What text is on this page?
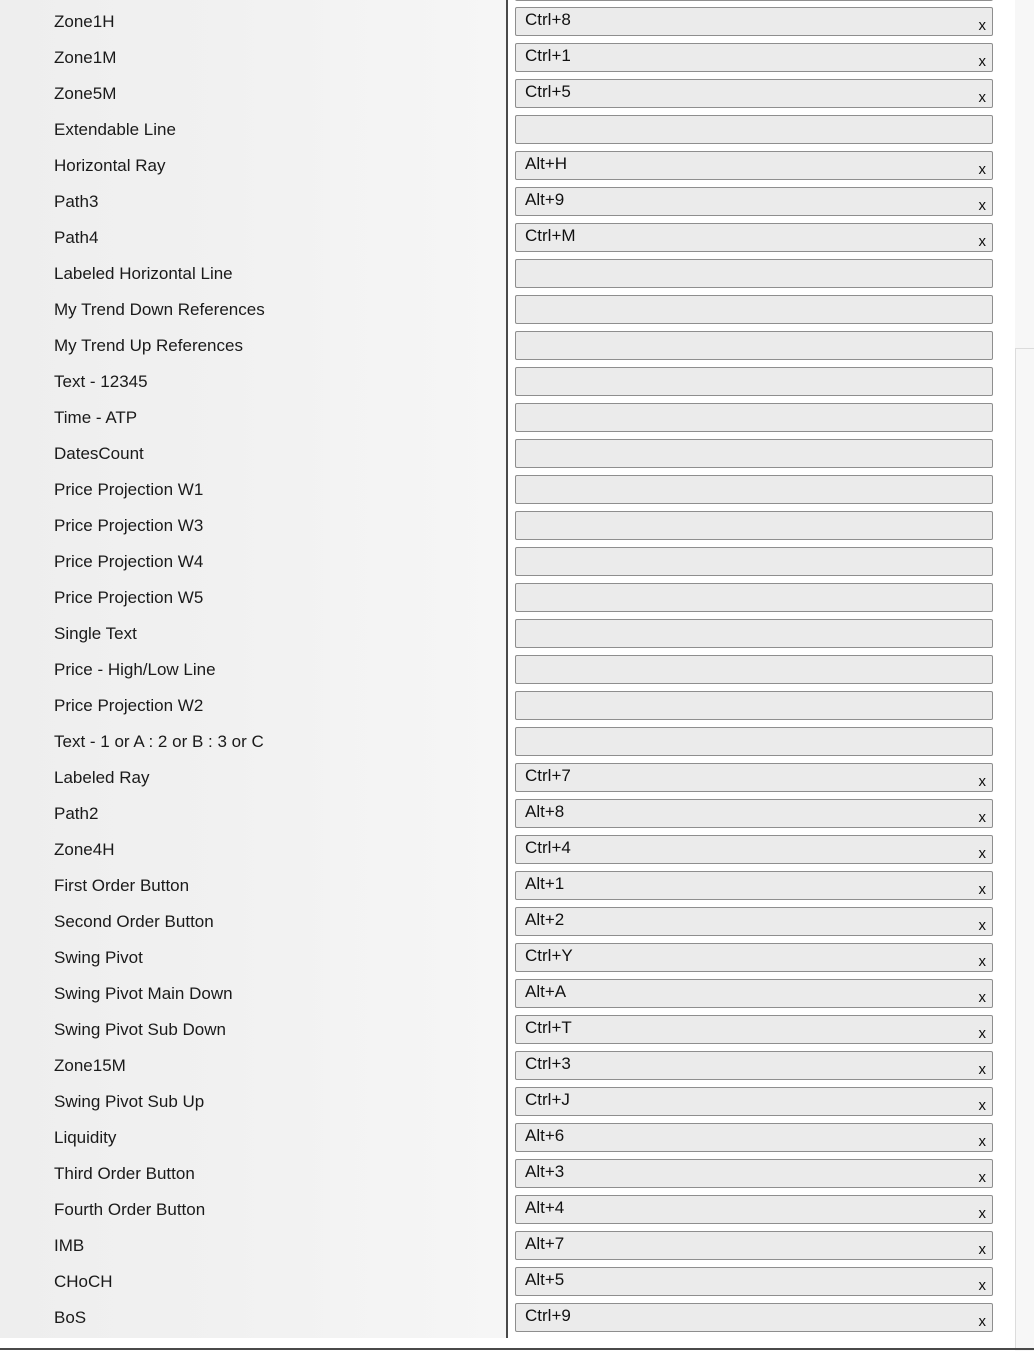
Zone1H	Ctrl+8	x
Zone1M	Ctrl+1	x
Zone5M	Ctrl+5	x
Extendable Line
Horizontal Ray	Alt+H	x
Path3	Alt+9	x
Path4	Ctrl+M	x
Labeled Horizontal Line
My Trend Down References
My Trend Up References
Text - 12345
Time - ATP
DatesCount
Price Projection W1
Price Projection W3
Price Projection W4
Price Projection W5
Single Text
Price - High/Low Line
Price Projection W2
Text - 1 or A : 2 or B : 3 or C
Labeled Ray	Ctrl+7	x
Path2	Alt+8	x
Zone4H	Ctrl+4	x
First Order Button	Alt+1	x
Second Order Button	Alt+2	x
Swing Pivot	Ctrl+Y	x
Swing Pivot Main Down	Alt+A	x
Swing Pivot Sub Down	Ctrl+T	x
Zone15M	Ctrl+3	x
Swing Pivot Sub Up	Ctrl+J	x
Liquidity	Alt+6	x
Third Order Button	Alt+3	x
Fourth Order Button	Alt+4	x
IMB	Alt+7	x
CHoCH	Alt+5	x
BoS	Ctrl+9	x
